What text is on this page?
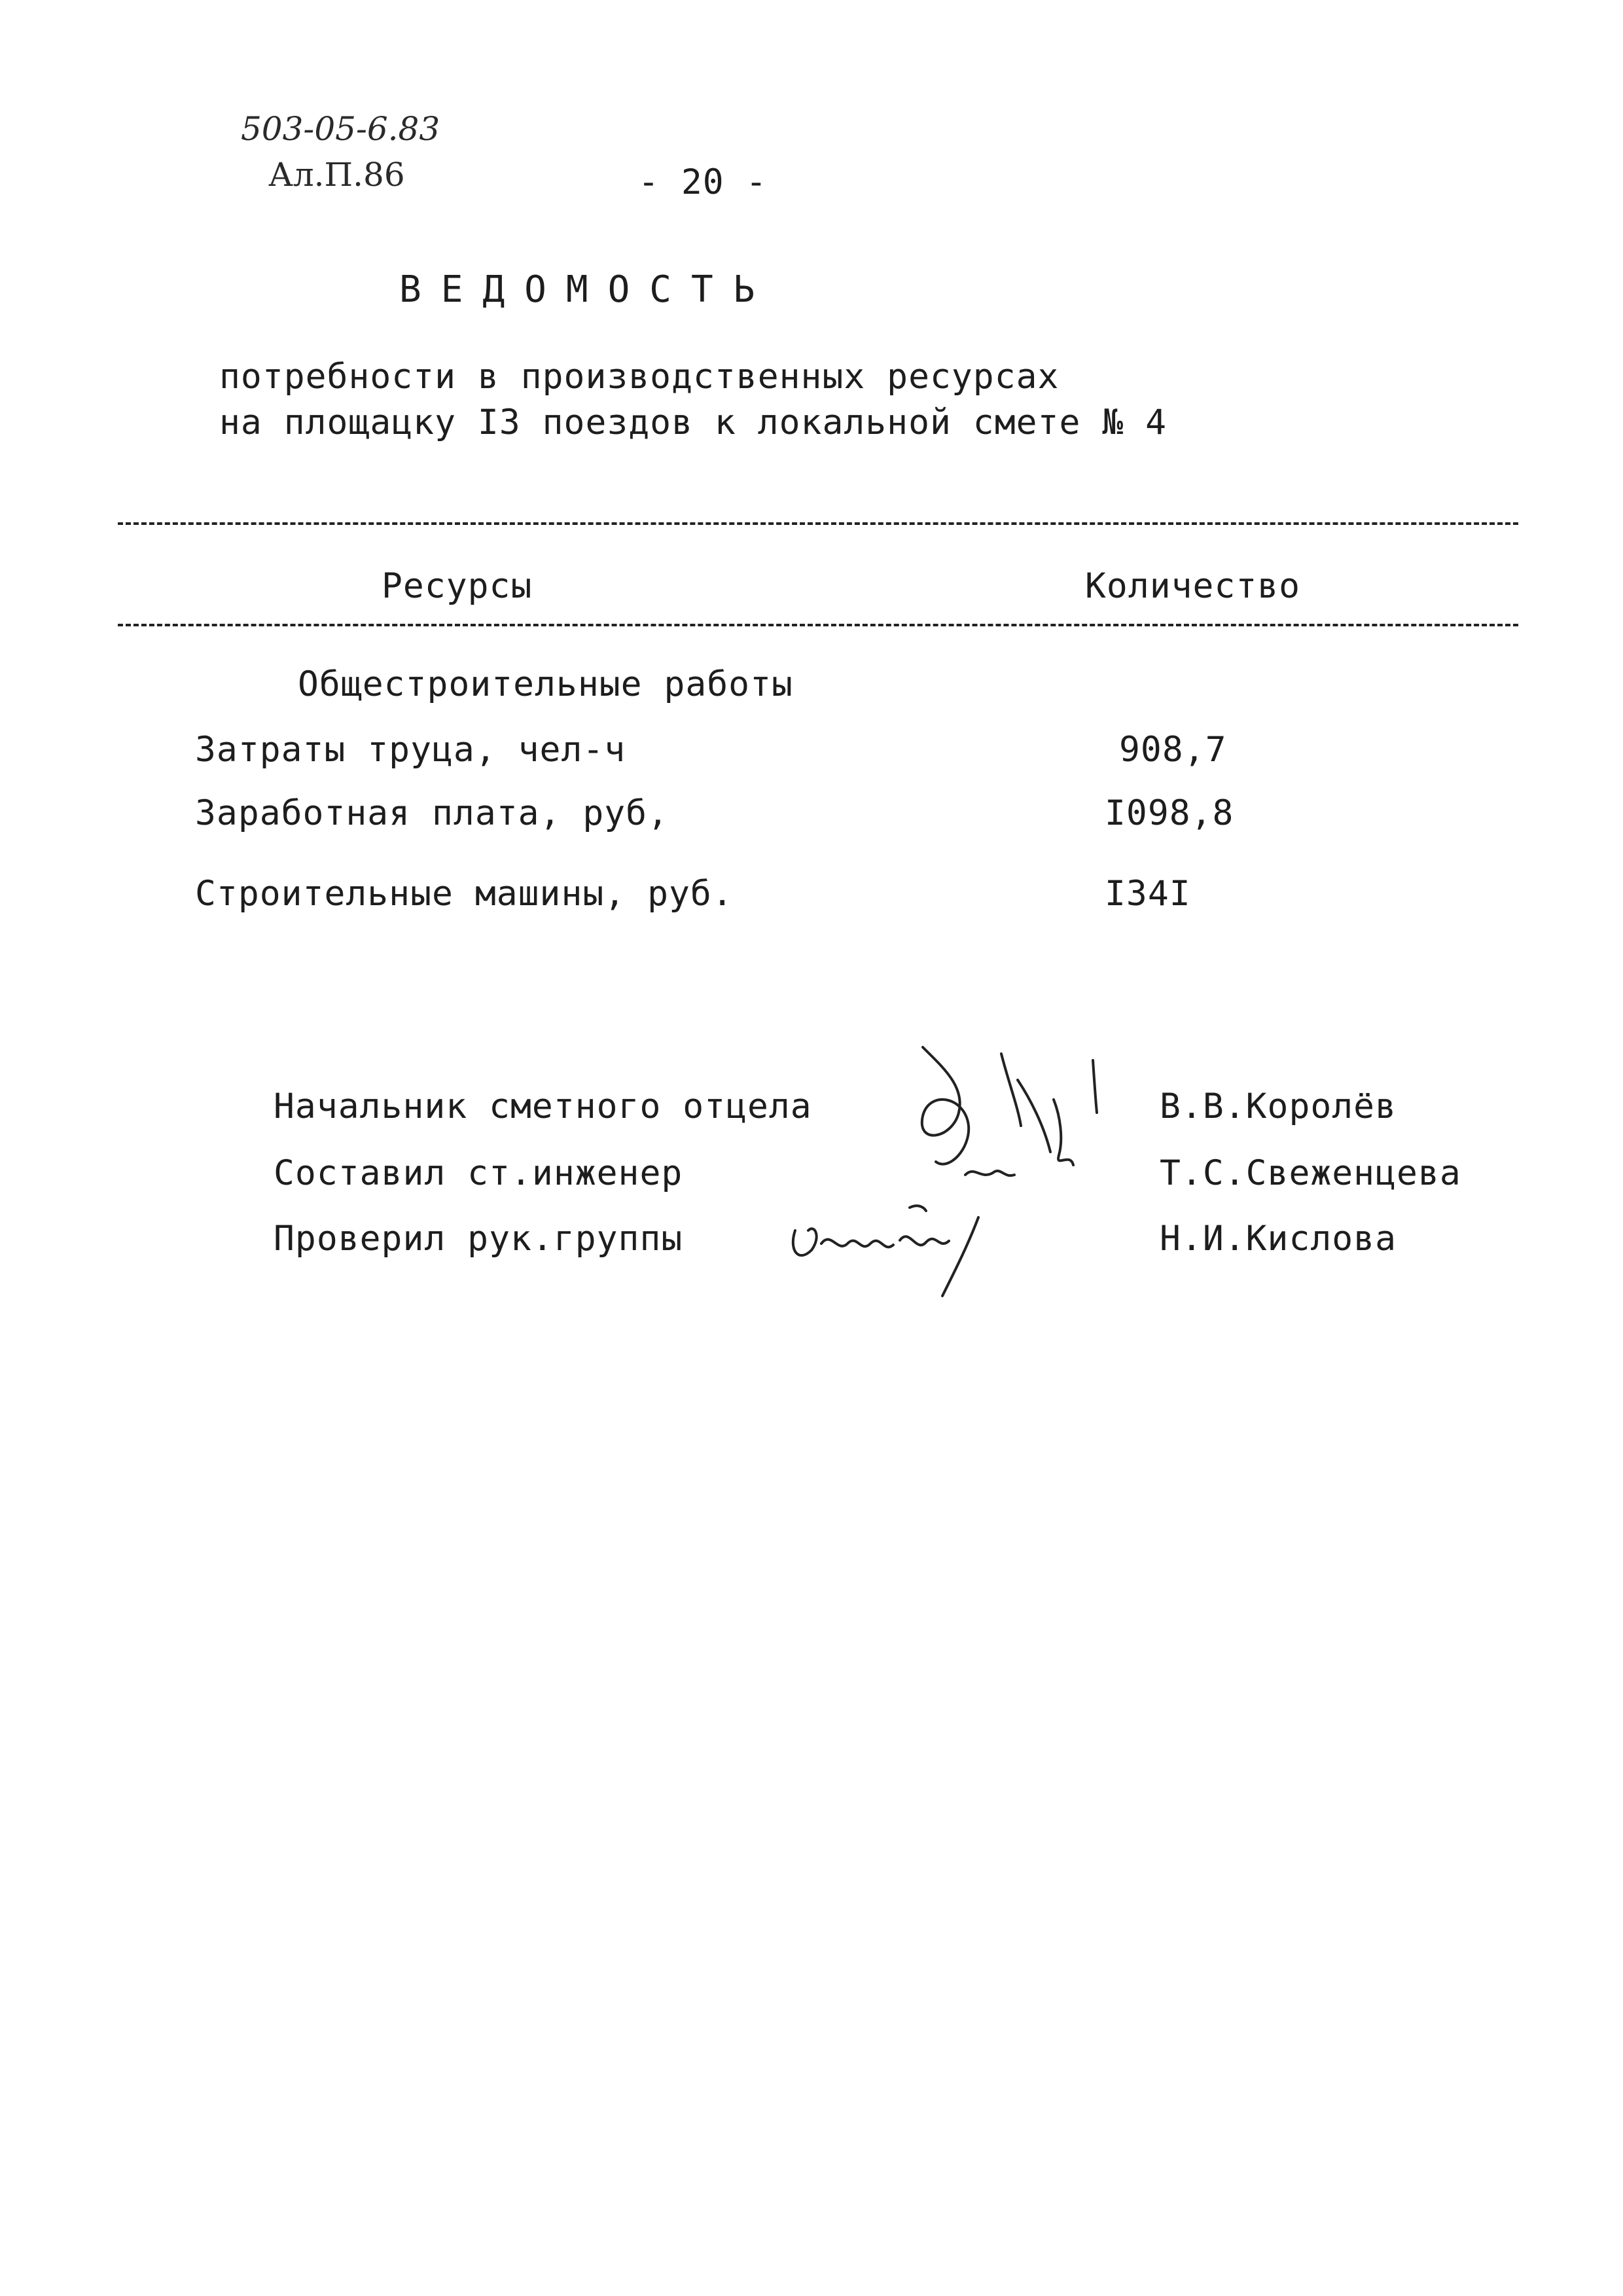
503-05-6.83
Ал.П.86	- 20 -
ВЕДОМОСТЬ
потребности в производственных ресурсах
на площацку I3 поездов к локальной смете № 4
Ресурсы	Количество
Общестроительные работы
Затраты труца, чел-ч	908,7
Заработная плата, руб,	I098,8
Строительные машины, руб.	I34I
Начальник сметного отцела	В.В.Королёв
Составил ст.инженер	Т.С.Свеженцева
Проверил рук.группы	Н.И.Кислова
